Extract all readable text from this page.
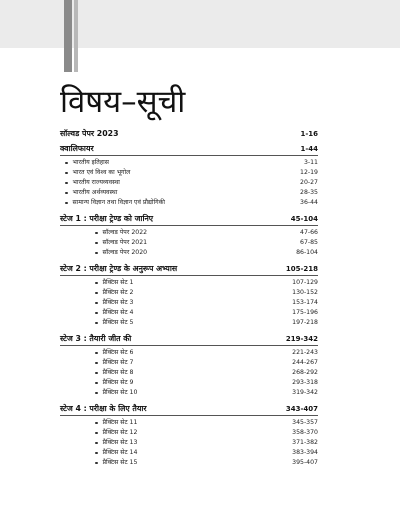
विषय–सूची
सॉल्वड पेपर 2023	1-16
क्वालिफायर	1-44
भारतीय इतिहास	3-11
भारत एवं विश्व का भूगोल	12-19
भारतीय राज्यव्यवस्था	20-27
भारतीय अर्थव्यवस्था	28-35
सामान्य विज्ञान तथा विज्ञान एवं प्रौद्योगिकी	36-44
स्टेज 1 : परीक्षा ट्रेण्ड को जानिए	45-104
सॉल्वड पेपर 2022	47-66
सॉल्वड पेपर 2021	67-85
सॉल्वड पेपर 2020	86-104
स्टेज 2 : परीक्षा ट्रेण्ड के अनुरूप अभ्यास	105-218
प्रैक्टिस सेट 1	107-129
प्रैक्टिस सेट 2	130-152
प्रैक्टिस सेट 3	153-174
प्रैक्टिस सेट 4	175-196
प्रैक्टिस सेट 5	197-218
स्टेज 3 : तैयारी जीत की	219-342
प्रैक्टिस सेट 6	221-243
प्रैक्टिस सेट 7	244-267
प्रैक्टिस सेट 8	268-292
प्रैक्टिस सेट 9	293-318
प्रैक्टिस सेट 10	319-342
स्टेज 4 : परीक्षा के लिए तैयार	343-407
प्रैक्टिस सेट 11	345-357
प्रैक्टिस सेट 12	358-370
प्रैक्टिस सेट 13	371-382
प्रैक्टिस सेट 14	383-394
प्रैक्टिस सेट 15	395-407
